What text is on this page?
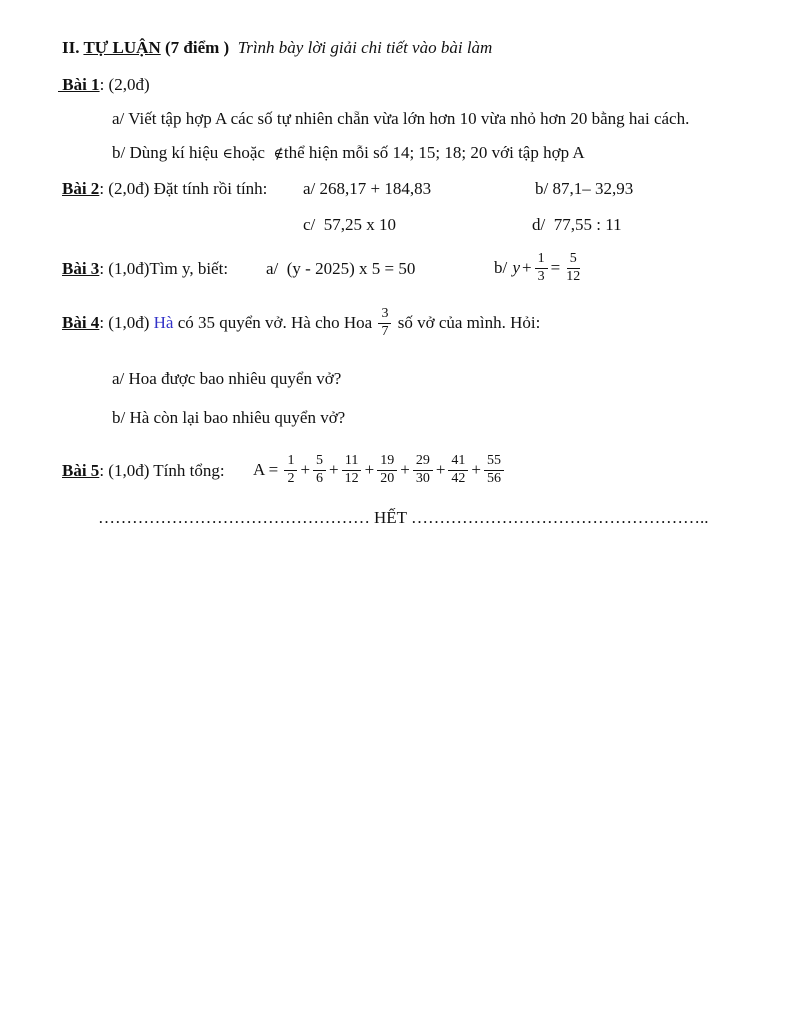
II. TỰ LUẬN (7 điểm ) Trình bày lời giải chi tiết vào bài làm
Bài 1: (2,0đ)
a/ Viết tập hợp A các số tự nhiên chẵn vừa lớn hơn 10 vừa nhỏ hơn 20 bằng hai cách.
b/ Dùng kí hiệu ∈hoặc  ∉thể hiện mỗi số 14; 15; 18; 20 với tập hợp A
Bài 2: (2,0đ) Đặt tính rồi tính: a/ 268,17 + 184,83	b/ 87,1– 32,93
c/  57,25 x 10	d/  77,55 : 11
Bài 3: (1,0đ)Tìm y, biết: a/  (y - 2025) x 5 = 50	b/ $y + \frac{1}{3} = \frac{5}{12}$
Bài 4 : (1,0đ) Hà có 35 quyển vở. Hà cho Hoa $\frac{3}{7}$ số vở của mình. Hỏi:
a/ Hoa được bao nhiêu quyển vở?
b/ Hà còn lại bao nhiêu quyển vở?
Bài 5: (1,0đ) Tính tổng: $A = \frac{1}{2} + \frac{5}{6} + \frac{11}{12} + \frac{19}{20} + \frac{29}{30} + \frac{41}{42} + \frac{55}{56}$
………………………………………… HẾT ……………………………………………..
